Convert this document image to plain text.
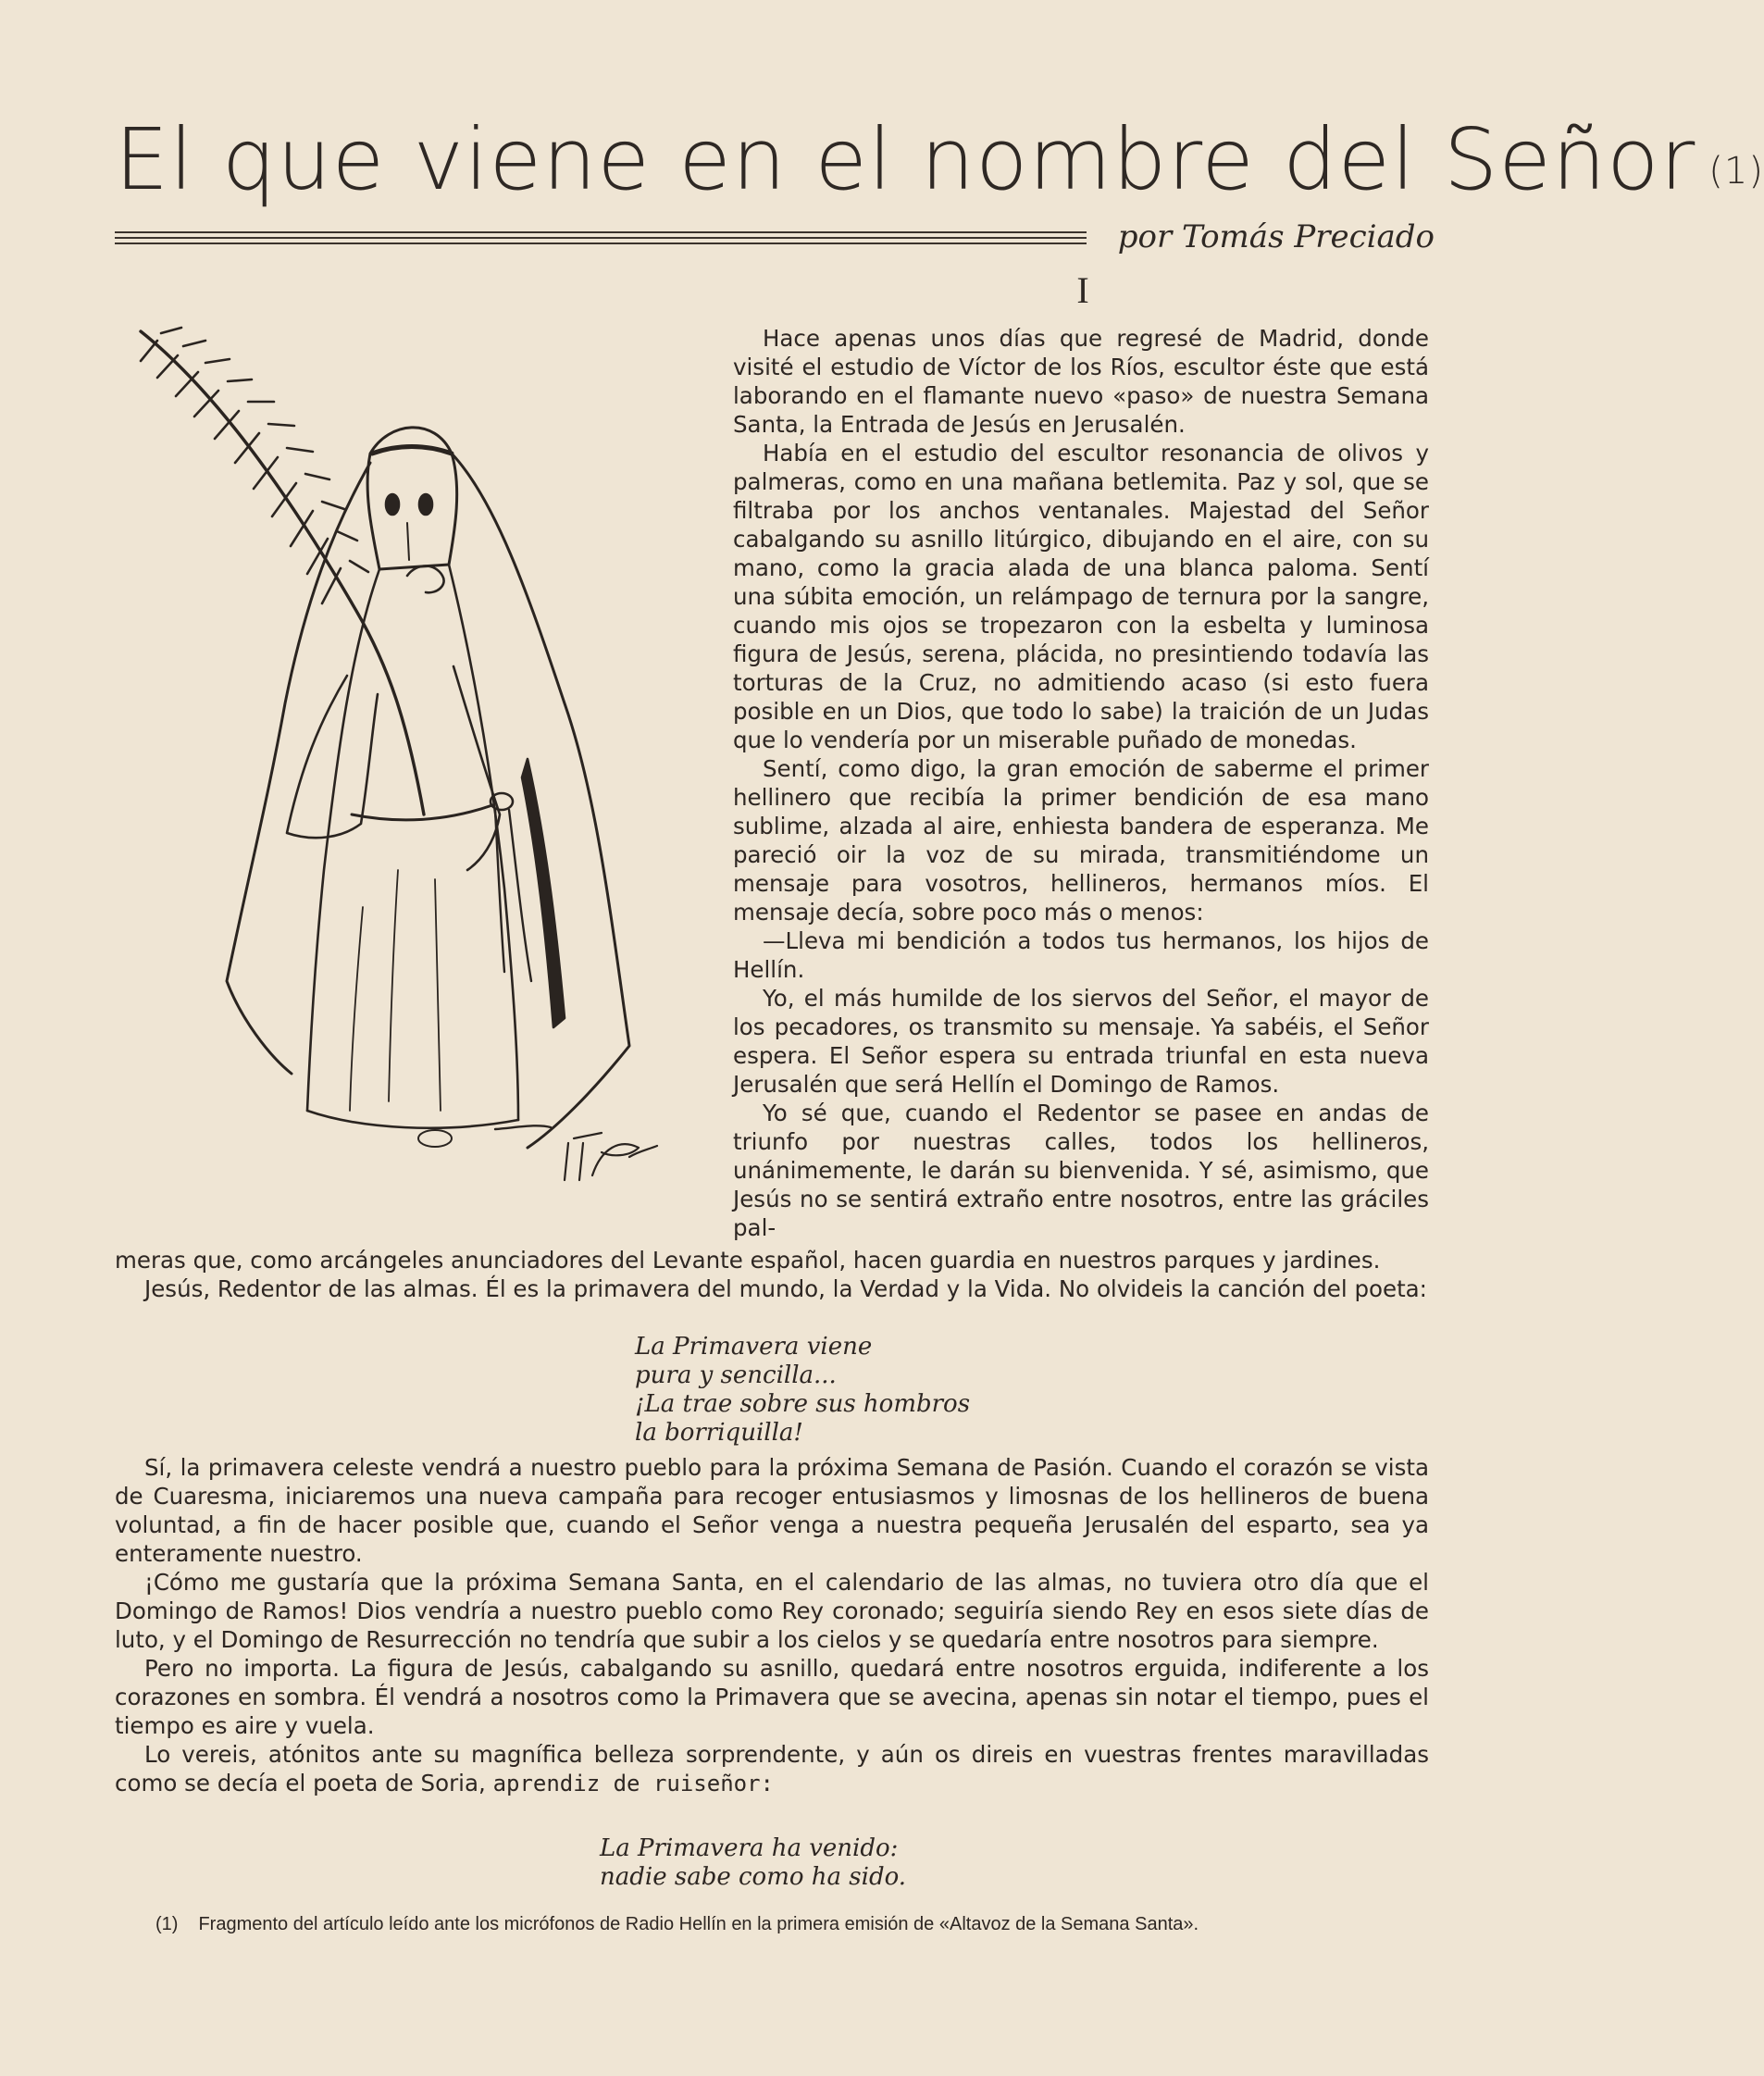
El que viene en el nombre del Señor (1)
por Tomás Preciado
I

Hace apenas unos días que regresé de Madrid, donde visité el estudio de Víctor de los Ríos, escultor éste que está laborando en el flamante nuevo «paso» de nuestra Semana Santa, la Entrada de Jesús en Jerusalén.

Había en el estudio del escultor resonancia de olivos y palmeras, como en una mañana betlemita. Paz y sol, que se filtraba por los anchos ventanales. Majestad del Señor cabalgando su asnillo litúrgico, dibujando en el aire, con su mano, como la gracia alada de una blanca paloma. Sentí una súbita emoción, un relámpago de ternura por la sangre, cuando mis ojos se tropezaron con la esbelta y luminosa figura de Jesús, serena, plácida, no presintiendo todavía las torturas de la Cruz, no admitiendo acaso (si esto fuera posible en un Dios, que todo lo sabe) la traición de un Judas que lo vendería por un miserable puñado de monedas.

Sentí, como digo, la gran emoción de saberme el primer hellinero que recibía la primer bendición de esa mano sublime, alzada al aire, enhiesta bandera de esperanza. Me pareció oir la voz de su mirada, transmitiéndome un mensaje para vosotros, hellineros, hermanos míos. El mensaje decía, sobre poco más o menos:

—Lleva mi bendición a todos tus hermanos, los hijos de Hellín.

Yo, el más humilde de los siervos del Señor, el mayor de los pecadores, os transmito su mensaje. Ya sabéis, el Señor espera. El Señor espera su entrada triunfal en esta nueva Jerusalén que será Hellín el Domingo de Ramos.

Yo sé que, cuando el Redentor se pasee en andas de triunfo por nuestras calles, todos los hellineros, unánimemente, le darán su bienvenida. Y sé, asimismo, que Jesús no se sentirá extraño entre nosotros, entre las gráciles pal-

meras que, como arcángeles anunciadores del Levante español, hacen guardia en nuestros parques y jardines.

Jesús, Redentor de las almas. Él es la primavera del mundo, la Verdad y la Vida. No olvideis la canción del poeta:

La Primavera viene
pura y sencilla...
¡La trae sobre sus hombros
la borriquilla!

Sí, la primavera celeste vendrá a nuestro pueblo para la próxima Semana de Pasión. Cuando el corazón se vista de Cuaresma, iniciaremos una nueva campaña para recoger entusiasmos y limosnas de los hellineros de buena voluntad, a fin de hacer posible que, cuando el Señor venga a nuestra pequeña Jerusalén del esparto, sea ya enteramente nuestro.

¡Cómo me gustaría que la próxima Semana Santa, en el calendario de las almas, no tuviera otro día que el Domingo de Ramos! Dios vendría a nuestro pueblo como Rey coronado; seguiría siendo Rey en esos siete días de luto, y el Domingo de Resurrección no tendría que subir a los cielos y se quedaría entre nosotros para siempre.

Pero no importa. La figura de Jesús, cabalgando su asnillo, quedará entre nosotros erguida, indiferente a los corazones en sombra. Él vendrá a nosotros como la Primavera que se avecina, apenas sin notar el tiempo, pues el tiempo es aire y vuela.

Lo vereis, atónitos ante su magnífica belleza sorprendente, y aún os direis en vuestras frentes maravilladas como se decía el poeta de Soria, aprendiz de ruiseñor:

La Primavera ha venido:
nadie sabe como ha sido.
(1) Fragmento del artículo leído ante los micrófonos de Radio Hellín en la primera emisión de «Altavoz de la Semana Santa».
